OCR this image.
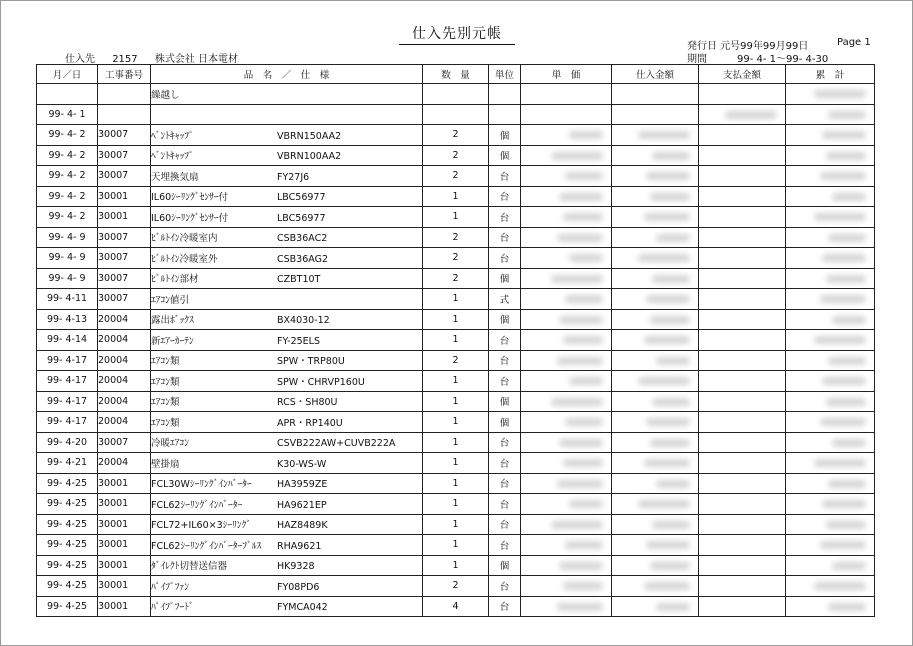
仕入先別元帳
発行日 元号99年99月99日	Page 1
期間	99- 4- 1～99- 4-30
仕入先 2157 株式会社 日本電材
月／日	工事番号	品　名　／　仕　様	数　量	単位	単　価	仕入金額	支払金額	累　計
		繰越し						

99- 4- 1							

99- 4- 2	30007	ﾍﾞﾝﾄｷｬｯﾌﾟ VBRN150AA2	2	個	

99- 4- 2	30007	ﾍﾞﾝﾄｷｬｯﾌﾟ VBRN100AA2	2	個	

99- 4- 2	30007	天埋換気扇 FY27J6	2	台	

99- 4- 2	30001	IL60ｼｰﾘﾝｸﾞｾﾝｻｰ付 LBC56977	1	台	

99- 4- 2	30001	IL60ｼｰﾘﾝｸﾞｾﾝｻｰ付 LBC56977	1	台	

99- 4- 9	30007	ﾋﾞﾙﾄｲﾝ冷暖室内 CSB36AC2	2	台	

99- 4- 9	30007	ﾋﾞﾙﾄｲﾝ冷暖室外 CSB36AG2	2	台	

99- 4- 9	30007	ﾋﾞﾙﾄｲﾝ部材 CZBT10T	2	個	

99- 4-11	30007	ｴｱｺﾝ値引	1	式	

99- 4-13	20004	露出ﾎﾞｯｸｽ BX4030-12	1	個	

99- 4-14	20004	新ｴｱｰｶｰﾃﾝ FY-25ELS	1	台	

99- 4-17	20004	ｴｱｺﾝ類 SPW・TRP80U	2	台	

99- 4-17	20004	ｴｱｺﾝ類 SPW・CHRVP160U	1	台	

99- 4-17	20004	ｴｱｺﾝ類 RCS・SH80U	1	個	

99- 4-17	20004	ｴｱｺﾝ類 APR・RP140U	1	個	

99- 4-20	30007	冷暖ｴｱｺﾝ CSVB222AW+CUVB222A	1	台	

99- 4-21	20004	壁掛扇 K30-WS-W	1	台	

99- 4-25	30001	FCL30Wｼｰﾘﾝｸﾞｲﾝﾊﾞｰﾀｰ HA3959ZE	1	台	

99- 4-25	30001	FCL62ｼｰﾘﾝｸﾞｲﾝﾊﾞｰﾀｰ HA9621EP	1	台	

99- 4-25	30001	FCL72+IL60×3ｼｰﾘﾝｸﾞ HAZ8489K	1	台	

99- 4-25	30001	FCL62ｼｰﾘﾝｸﾞｲﾝﾊﾞｰﾀｰﾌﾞﾙｽ RHA9621	1	台	

99- 4-25	30001	ﾀﾞｲﾚｸﾄ切替送信器 HK9328	1	個	

99- 4-25	30001	ﾊﾟｲﾌﾟﾌｧﾝ FY08PD6	2	台	

99- 4-25	30001	ﾊﾟｲﾌﾟﾌｰﾄﾞ FYMCA042	4	台	
